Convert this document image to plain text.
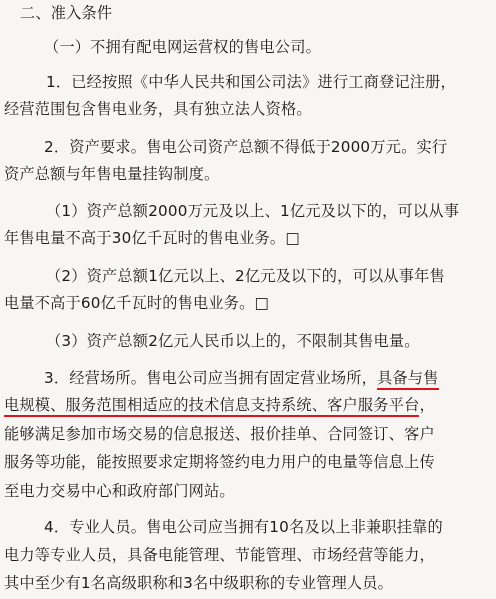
二、准入条件
（一）不拥有配电网运营权的售电公司。
1．已经按照《中华人民共和国公司法》进行工商登记注册，
经营范围包含售电业务，具有独立法人资格。
2．资产要求。售电公司资产总额不得低于2000万元。实行
资产总额与年售电量挂钩制度。
（1）资产总额2000万元及以上、1亿元及以下的，可以从事
年售电量不高于30亿千瓦时的售电业务。□
（2）资产总额1亿元以上、2亿元及以下的，可以从事年售
电量不高于60亿千瓦时的售电业务。□
（3）资产总额2亿元人民币以上的，不限制其售电量。
3．经营场所。售电公司应当拥有固定营业场所，具备与售
电规模、服务范围相适应的技术信息支持系统、客户服务平台，
能够满足参加市场交易的信息报送、报价挂单、合同签订、客户
服务等功能，能按照要求定期将签约电力用户的电量等信息上传
至电力交易中心和政府部门网站。
4．专业人员。售电公司应当拥有10名及以上非兼职挂靠的
电力等专业人员，具备电能管理、节能管理、市场经营等能力，
其中至少有1名高级职称和3名中级职称的专业管理人员。
